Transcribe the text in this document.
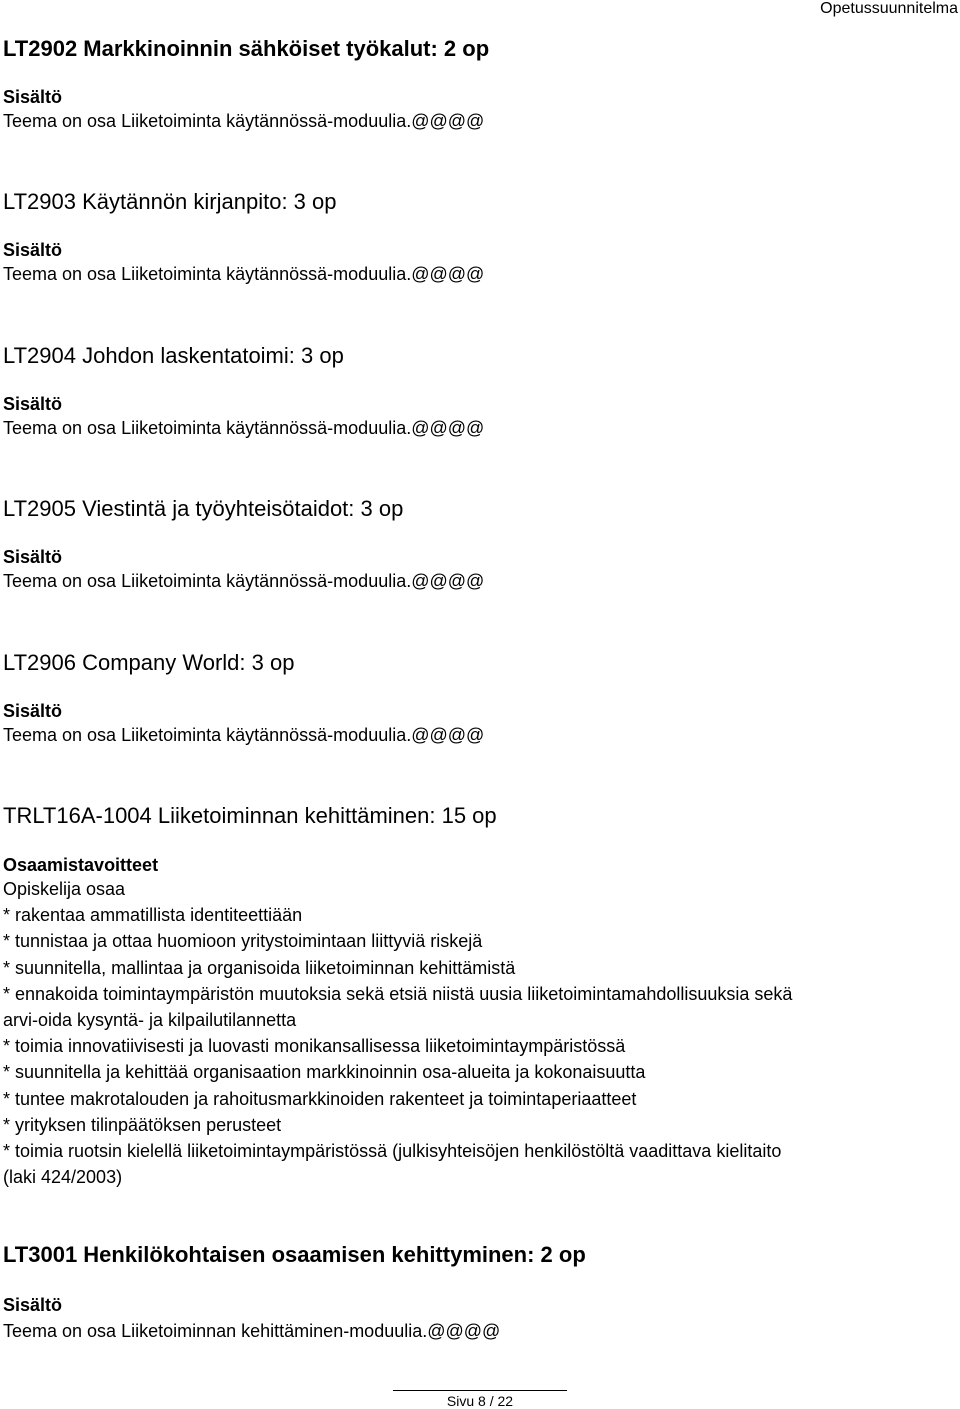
Opetussuunnitelma
LT2902 Markkinoinnin sähköiset työkalut: 2 op
Sisältö
Teema on osa Liiketoiminta käytännössä-moduulia.@@@@
LT2903 Käytännön kirjanpito: 3 op
Sisältö
Teema on osa Liiketoiminta käytännössä-moduulia.@@@@
LT2904 Johdon laskentatoimi: 3 op
Sisältö
Teema on osa Liiketoiminta käytännössä-moduulia.@@@@
LT2905 Viestintä ja työyhteisötaidot: 3 op
Sisältö
Teema on osa Liiketoiminta käytännössä-moduulia.@@@@
LT2906 Company World: 3 op
Sisältö
Teema on osa Liiketoiminta käytännössä-moduulia.@@@@
TRLT16A-1004 Liiketoiminnan kehittäminen: 15 op
Osaamistavoitteet
Opiskelija osaa
* rakentaa ammatillista identiteettiään
* tunnistaa ja ottaa huomioon yritystoimintaan liittyviä riskejä
* suunnitella, mallintaa ja organisoida liiketoiminnan kehittämistä
* ennakoida toimintaympäristön muutoksia sekä etsiä niistä uusia liiketoimintamahdollisuuksia sekä
arvi-oida kysyntä- ja kilpailutilannetta
* toimia innovatiivisesti ja luovasti monikansallisessa liiketoimintaympäristössä
* suunnitella ja kehittää organisaation markkinoinnin osa-alueita ja kokonaisuutta
* tuntee makrotalouden ja rahoitusmarkkinoiden rakenteet ja toimintaperiaatteet
* yrityksen tilinpäätöksen perusteet
* toimia ruotsin kielellä liiketoimintaympäristössä (julkisyhteisöjen henkilöstöltä vaadittava kielitaito
(laki 424/2003)
LT3001 Henkilökohtaisen osaamisen kehittyminen: 2 op
Sisältö
Teema on osa Liiketoiminnan kehittäminen-moduulia.@@@@
Sivu 8 / 22
